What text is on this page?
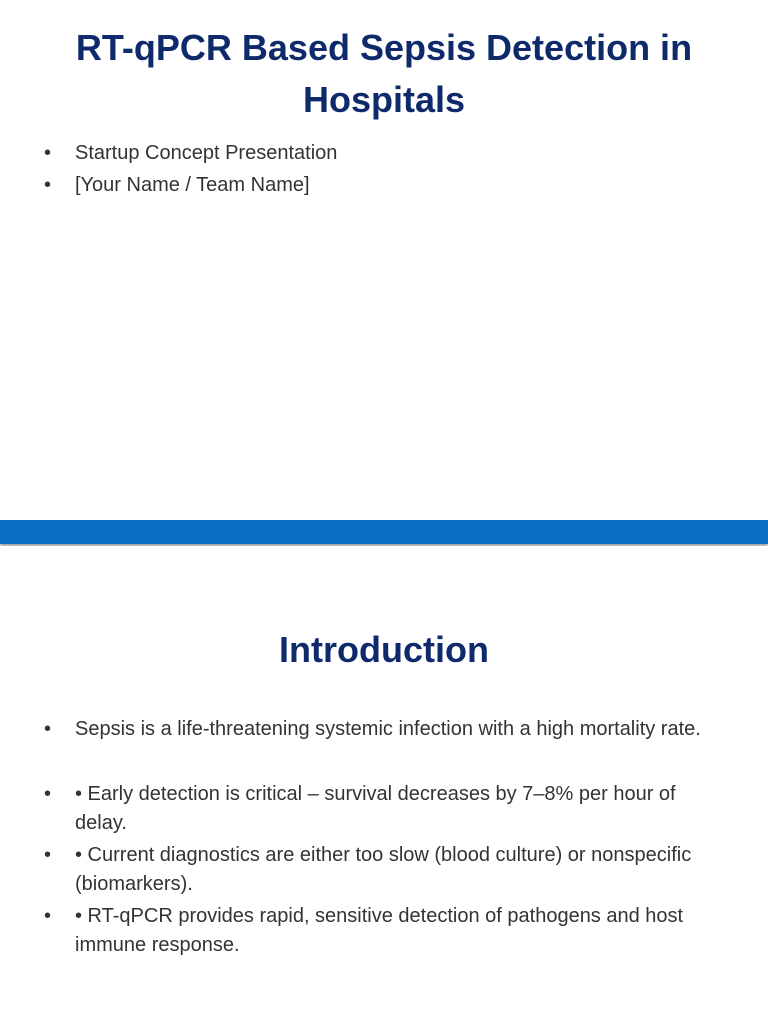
RT-qPCR Based Sepsis Detection in Hospitals
• Startup Concept Presentation
• [Your Name / Team Name]
Introduction
• Sepsis is a life-threatening systemic infection with a high mortality rate.
• • Early detection is critical – survival decreases by 7–8% per hour of delay.
• • Current diagnostics are either too slow (blood culture) or nonspecific (biomarkers).
• • RT-qPCR provides rapid, sensitive detection of pathogens and host immune response.
